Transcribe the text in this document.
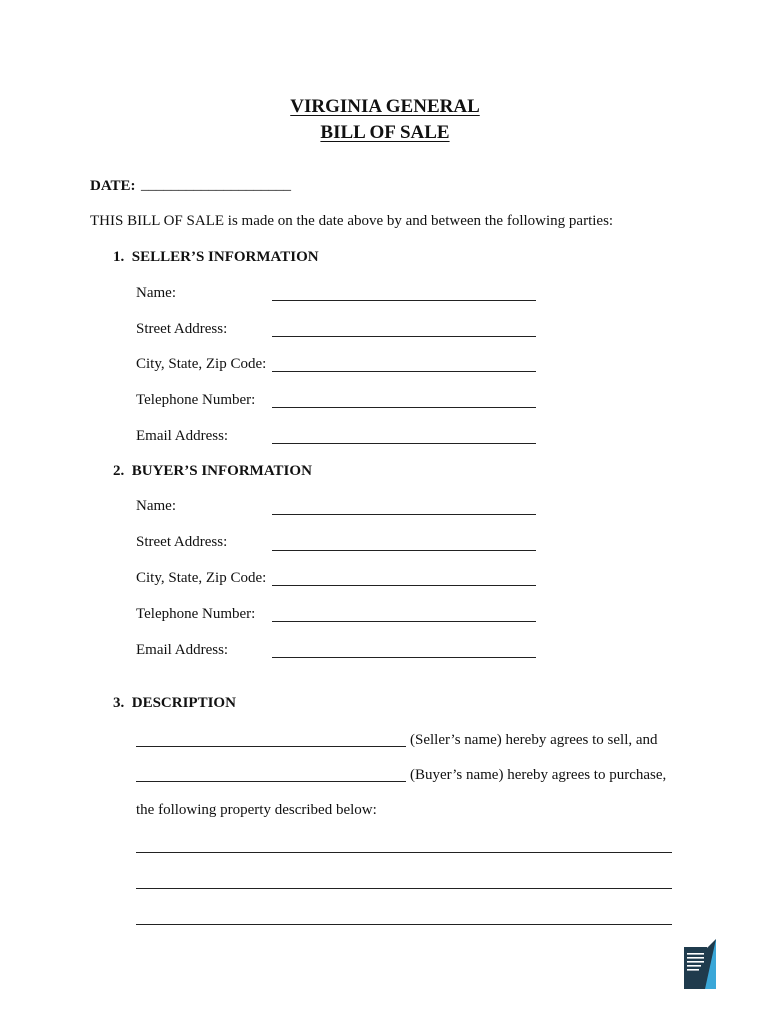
VIRGINIA GENERAL
BILL OF SALE
DATE: ____________________
THIS BILL OF SALE is made on the date above by and between the following parties:
1.  SELLER’S INFORMATION
Name:
Street Address:
City, State, Zip Code:
Telephone Number:
Email Address:
2.  BUYER’S INFORMATION
Name:
Street Address:
City, State, Zip Code:
Telephone Number:
Email Address:
3.  DESCRIPTION
(Seller’s name) hereby agrees to sell, and
(Buyer’s name) hereby agrees to purchase,
the following property described below:
